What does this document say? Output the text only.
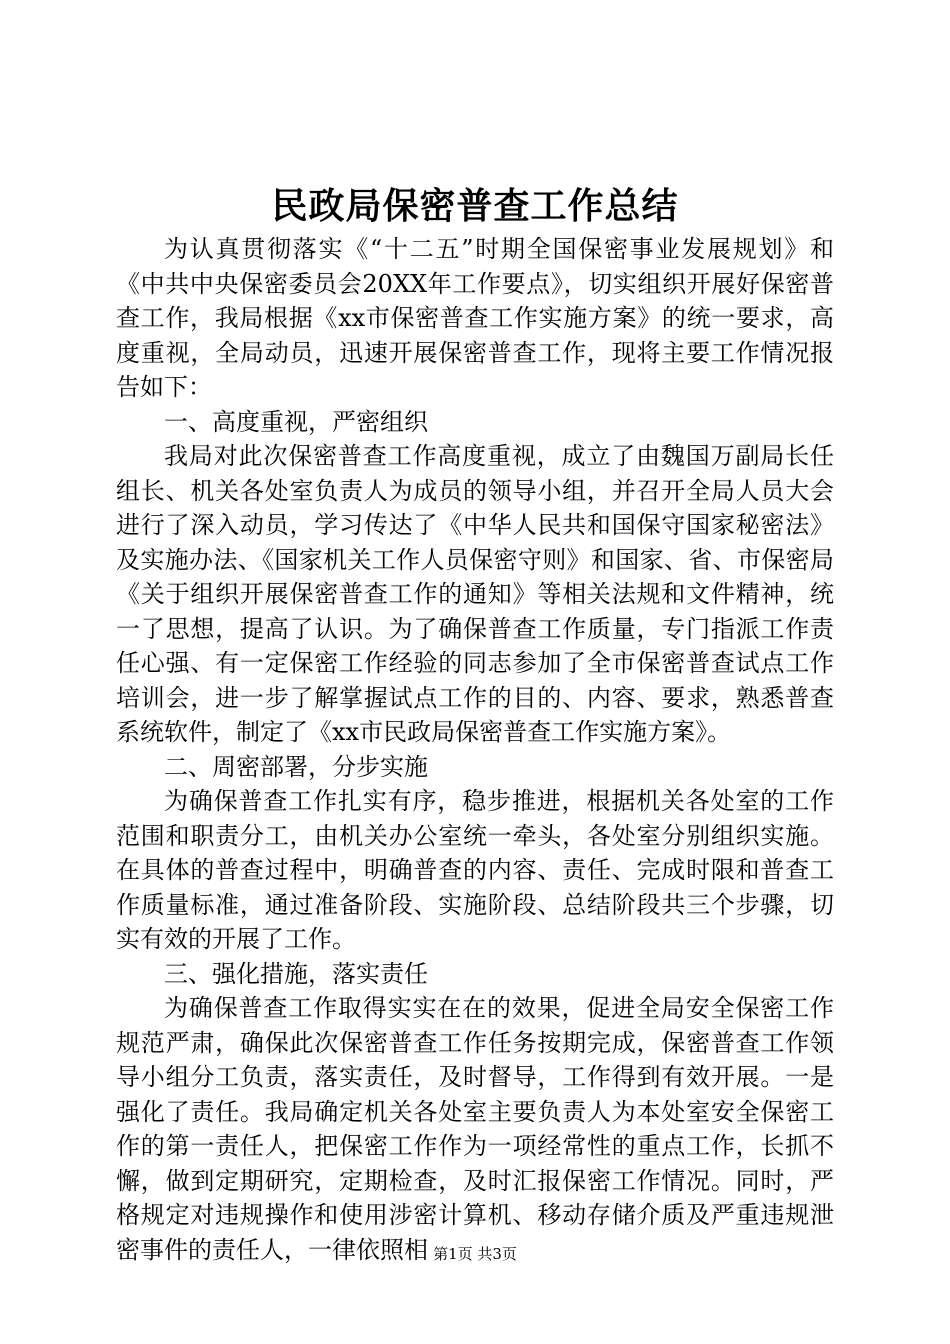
民政局保密普查工作总结

为认真贯彻落实《“十二五”时期全国保密事业发展规划》和《中共中央保密委员会20XX年工作要点》，切实组织开展好保密普查工作，我局根据《xx市保密普查工作实施方案》的统一要求，高度重视，全局动员，迅速开展保密普查工作，现将主要工作情况报告如下：

一、高度重视，严密组织

我局对此次保密普查工作高度重视，成立了由魏国万副局长任组长、机关各处室负责人为成员的领导小组，并召开全局人员大会进行了深入动员，学习传达了《中华人民共和国保守国家秘密法》及实施办法、《国家机关工作人员保密守则》和国家、省、市保密局《关于组织开展保密普查工作的通知》等相关法规和文件精神，统一了思想，提高了认识。为了确保普查工作质量，专门指派工作责任心强、有一定保密工作经验的同志参加了全市保密普查试点工作培训会，进一步了解掌握试点工作的目的、内容、要求，熟悉普查系统软件，制定了《xx市民政局保密普查工作实施方案》。

二、周密部署，分步实施

为确保普查工作扎实有序，稳步推进，根据机关各处室的工作范围和职责分工，由机关办公室统一牵头，各处室分别组织实施。在具体的普查过程中，明确普查的内容、责任、完成时限和普查工作质量标准，通过准备阶段、实施阶段、总结阶段共三个步骤，切实有效的开展了工作。

三、强化措施，落实责任

为确保普查工作取得实实在在的效果，促进全局安全保密工作规范严肃，确保此次保密普查工作任务按期完成，保密普查工作领导小组分工负责，落实责任，及时督导，工作得到有效开展。一是强化了责任。我局确定机关各处室主要负责人为本处室安全保密工作的第一责任人，把保密工作作为一项经常性的重点工作，长抓不懈，做到定期研究，定期检查，及时汇报保密工作情况。同时，严格规定对违规操作和使用涉密计算机、移动存储介质及严重违规泄密事件的责任人，一律依照相 第1页 共3页
